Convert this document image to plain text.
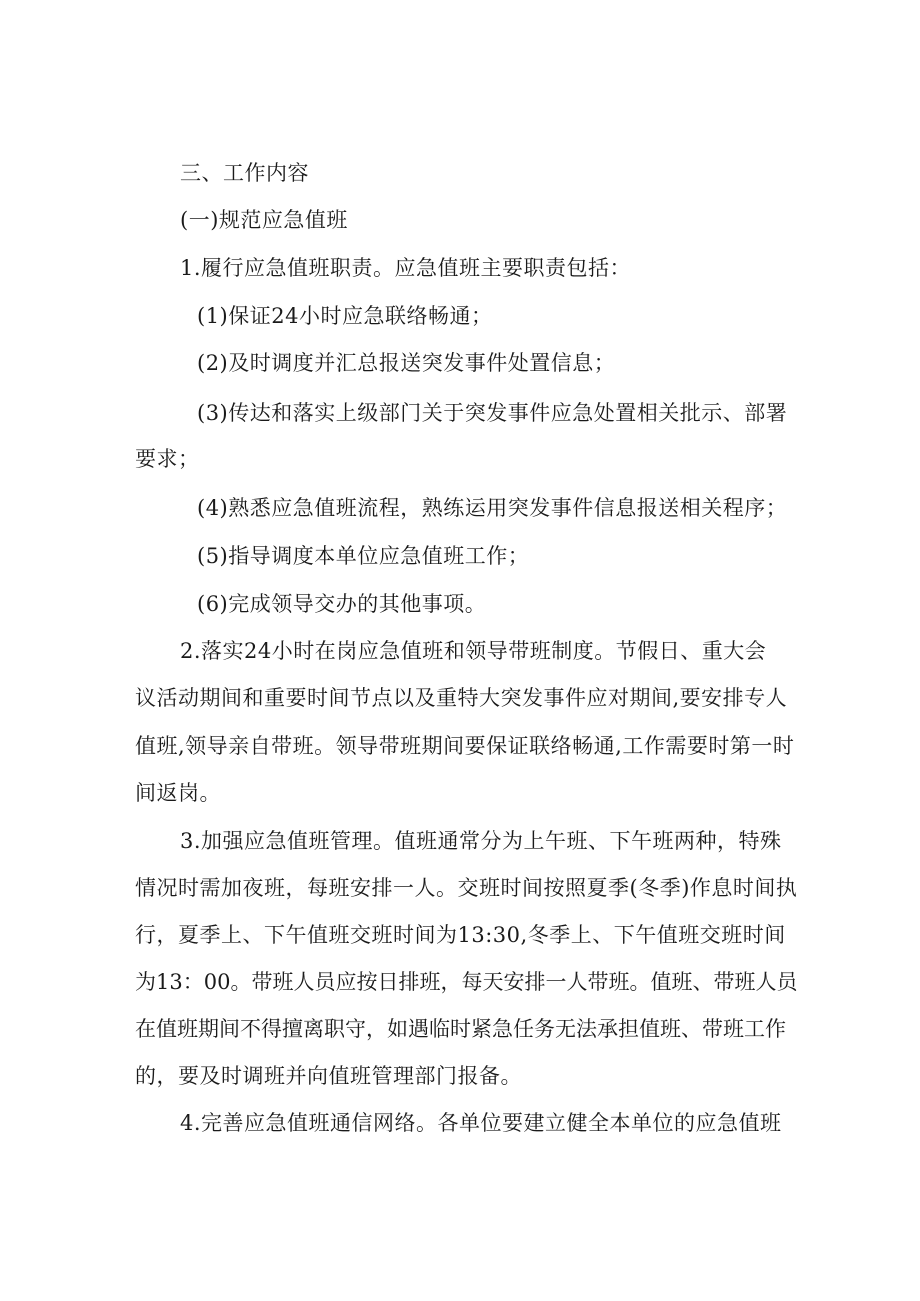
三、工作内容
(一)规范应急值班
1.履行应急值班职责。应急值班主要职责包括：
(1)保证24小时应急联络畅通；
(2)及时调度并汇总报送突发事件处置信息；
(3)传达和落实上级部门关于突发事件应急处置相关批示、部署
要求；
(4)熟悉应急值班流程，熟练运用突发事件信息报送相关程序；
(5)指导调度本单位应急值班工作；
(6)完成领导交办的其他事项。
2.落实24小时在岗应急值班和领导带班制度。节假日、重大会
议活动期间和重要时间节点以及重特大突发事件应对期间,要安排专人
值班,领导亲自带班。领导带班期间要保证联络畅通,工作需要时第一时
间返岗。
3.加强应急值班管理。值班通常分为上午班、下午班两种，特殊
情况时需加夜班，每班安排一人。交班时间按照夏季(冬季)作息时间执
行，夏季上、下午值班交班时间为13:30,冬季上、下午值班交班时间
为13：00。带班人员应按日排班，每天安排一人带班。值班、带班人员
在值班期间不得擅离职守，如遇临时紧急任务无法承担值班、带班工作
的，要及时调班并向值班管理部门报备。
4.完善应急值班通信网络。各单位要建立健全本单位的应急值班
